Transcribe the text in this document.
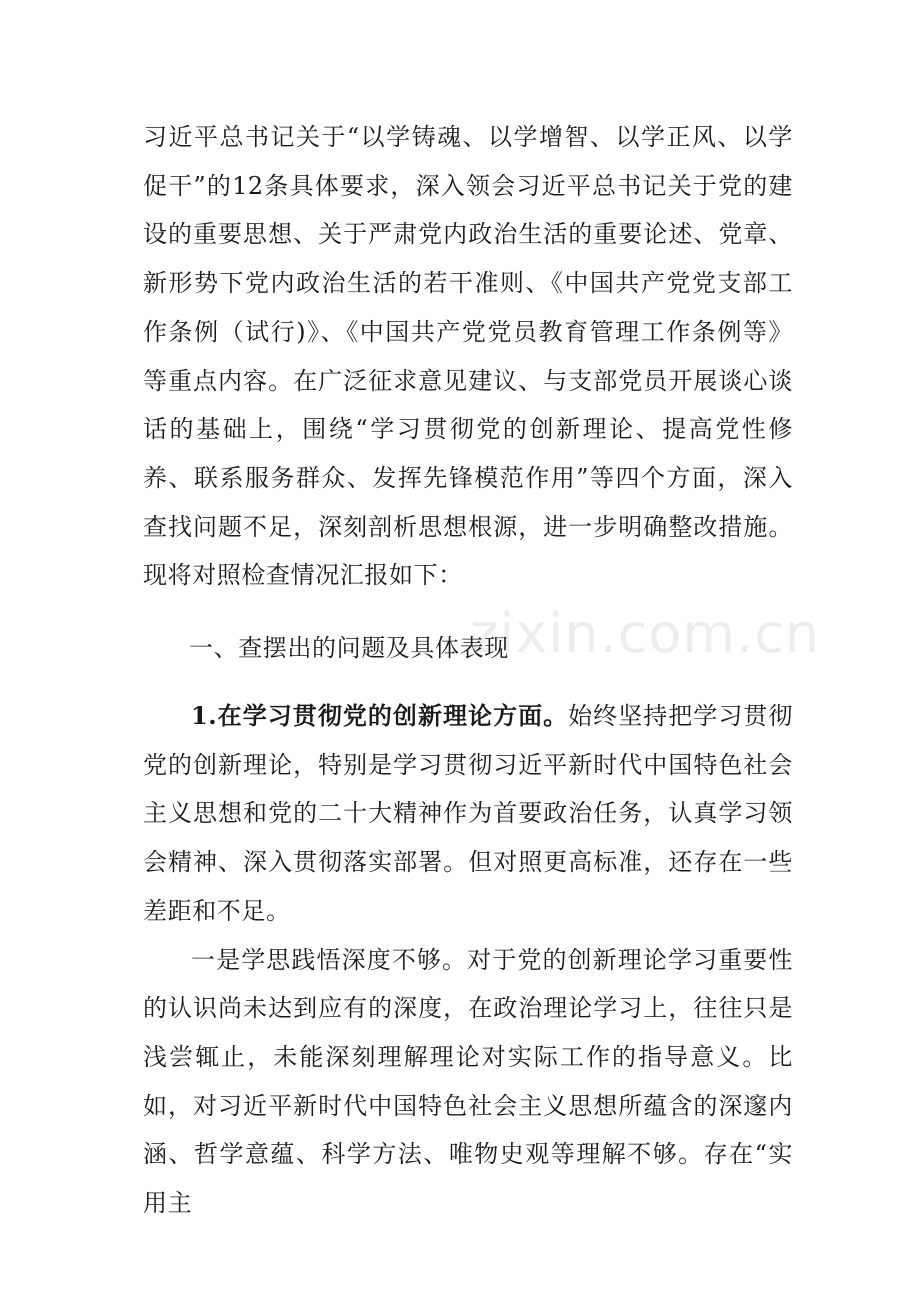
习近平总书记关于“以学铸魂、以学增智、以学正风、以学促干”的12条具体要求，深入领会习近平总书记关于党的建设的重要思想、关于严肃党内政治生活的重要论述、党章、新形势下党内政治生活的若干准则、《中国共产党党支部工作条例（试行)》、《中国共产党党员教育管理工作条例等》等重点内容。在广泛征求意见建议、与支部党员开展谈心谈话的基础上，围绕“学习贯彻党的创新理论、提高党性修养、联系服务群众、发挥先锋模范作用”等四个方面，深入查找问题不足，深刻剖析思想根源，进一步明确整改措施。现将对照检查情况汇报如下：

一、查摆出的问题及具体表现

1.在学习贯彻党的创新理论方面。始终坚持把学习贯彻党的创新理论，特别是学习贯彻习近平新时代中国特色社会主义思想和党的二十大精神作为首要政治任务，认真学习领会精神、深入贯彻落实部署。但对照更高标准，还存在一些差距和不足。

一是学思践悟深度不够。对于党的创新理论学习重要性的认识尚未达到应有的深度，在政治理论学习上，往往只是浅尝辄止，未能深刻理解理论对实际工作的指导意义。比如，对习近平新时代中国特色社会主义思想所蕴含的深邃内涵、哲学意蕴、科学方法、唯物史观等理解不够。存在“实用主

zixin.com.cn
